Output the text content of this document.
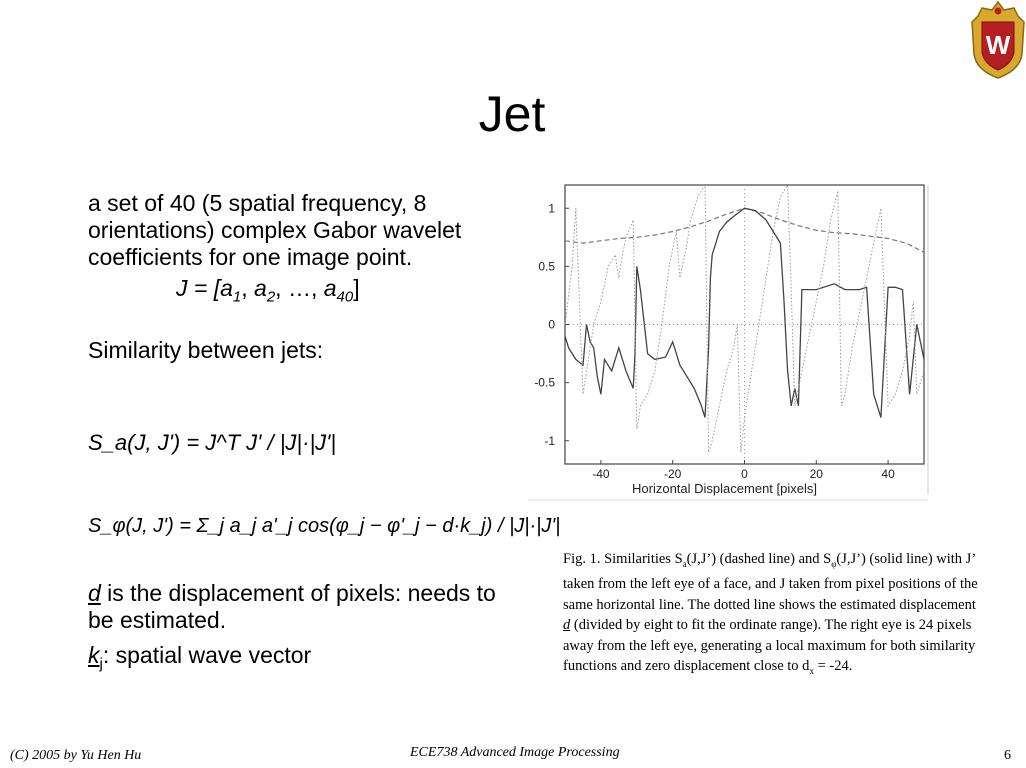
Jet
W
a set of 40 (5 spatial frequency, 8 orientations) complex Gabor wavelet coefficients for one image point.
$J = [a_1$, $a_2$, …, $a_{40}$]
Similarity between jets:
S_a(J, J') = J^T J' / |J|·|J'|
S_φ(J, J') = Σ_j a_j a'_j cos(φ_j − φ'_j − d·k_j) / |J|·|J'|
d is the displacement of pixels: needs to be estimated.
$k_j$: spatial wave vector
-40	-20	0	20	40
-1
-0.5
0
0.5
1
Horizontal Displacement [pixels]
Fig. 1. Similarities $S_a(J,J’)$ (dashed line) and $S_\varphi(J,J’)$ (solid line) with J’ taken from the left eye of a face, and J taken from pixel positions of the same horizontal line. The dotted line shows the estimated displacement d (divided by eight to fit the ordinate range). The right eye is 24 pixels away from the left eye, generating a local maximum for both similarity functions and zero displacement close to $d_x = -24$.
(C) 2005 by Yu Hen Hu	ECE738 Advanced Image Processing	6
